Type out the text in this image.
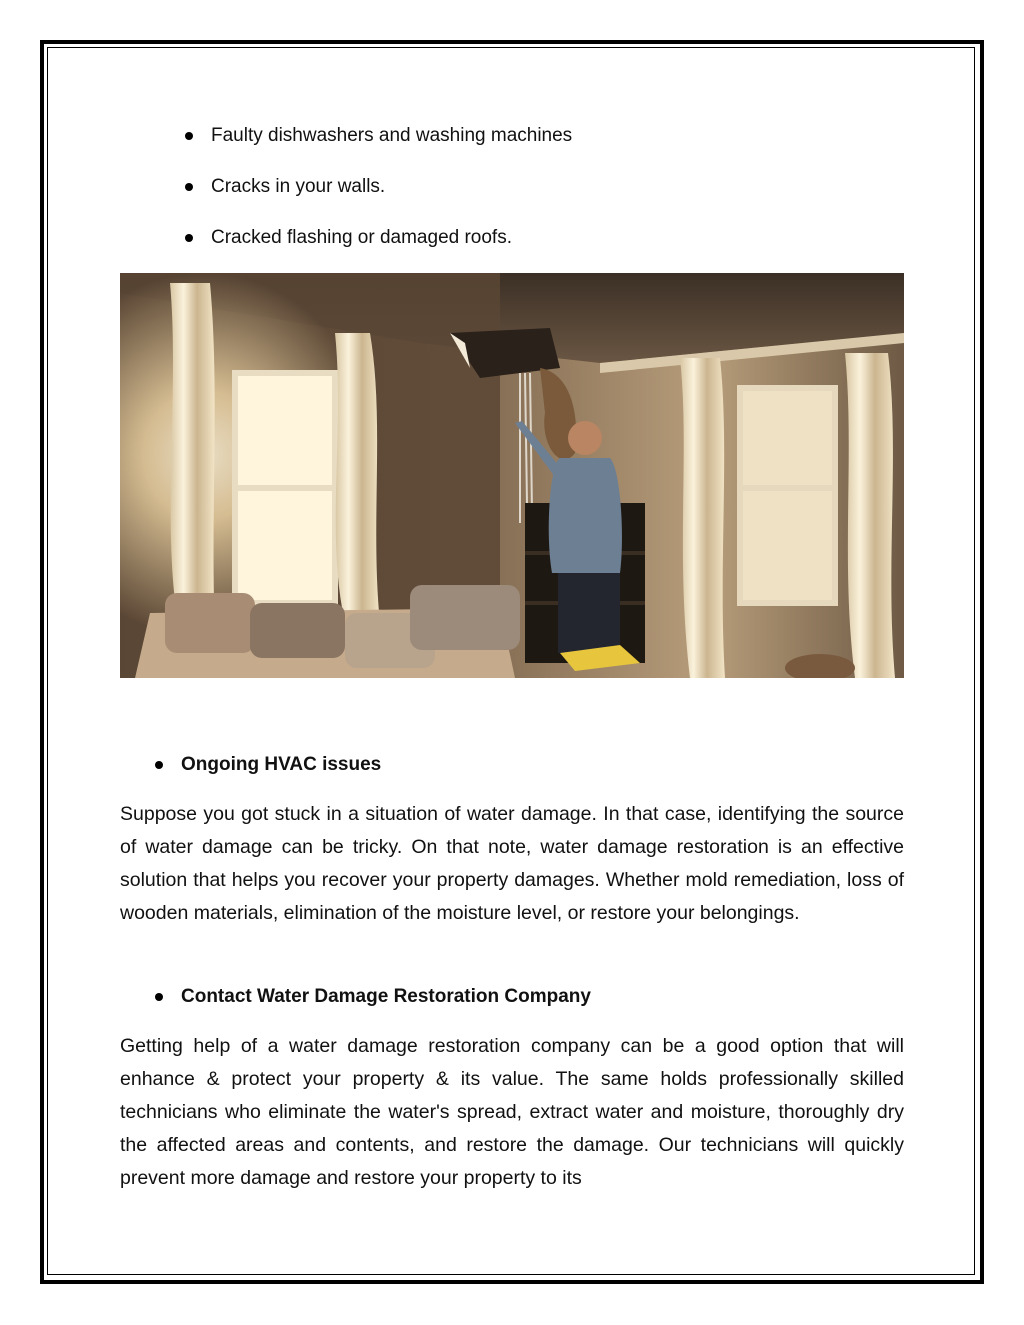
Faulty dishwashers and washing machines
Cracks in your walls.
Cracked flashing or damaged roofs.
Ongoing HVAC issues

Suppose you got stuck in a situation of water damage. In that case, identifying the source of water damage can be tricky. On that note, water damage restoration is an effective solution that helps you recover your property damages. Whether mold remediation, loss of wooden materials, elimination of the moisture level, or restore your belongings.

Contact Water Damage Restoration Company

Getting help of a water damage restoration company can be a good option that will enhance & protect your property & its value. The same holds professionally skilled technicians who eliminate the water's spread, extract water and moisture, thoroughly dry the affected areas and contents, and restore the damage. Our technicians will quickly prevent more damage and restore your property to its
